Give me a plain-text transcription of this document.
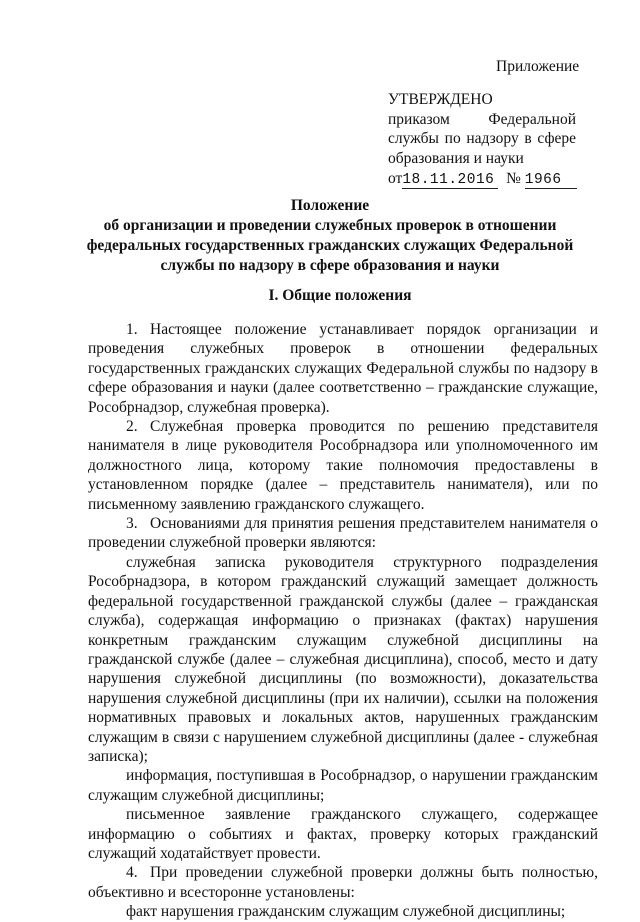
Приложение
УТВЕРЖДЕНО
приказом Федеральной
службы по надзору в сфере
образования и науки
от18.11.2016 № 1966
Положение
об организации и проведении служебных проверок в отношении
федеральных государственных гражданских служащих Федеральной
службы по надзору в сфере образования и науки
I. Общие положения

1. Настоящее положение устанавливает порядок организации и проведения служебных проверок в отношении федеральных государственных гражданских служащих Федеральной службы по надзору в сфере образования и науки (далее соответственно – гражданские служащие, Рособрнадзор, служебная проверка).

2. Служебная проверка проводится по решению представителя нанимателя в лице руководителя Рособрнадзора или уполномоченного им должностного лица, которому такие полномочия предоставлены в установленном порядке (далее – представитель нанимателя), или по письменному заявлению гражданского служащего.

3. Основаниями для принятия решения представителем нанимателя о проведении служебной проверки являются:

служебная записка руководителя структурного подразделения Рособрнадзора, в котором гражданский служащий замещает должность федеральной государственной гражданской службы (далее – гражданская служба), содержащая информацию о признаках (фактах) нарушения конкретным гражданским служащим служебной дисциплины на гражданской службе (далее – служебная дисциплина), способ, место и дату нарушения служебной дисциплины (по возможности), доказательства нарушения служебной дисциплины (при их наличии), ссылки на положения нормативных правовых и локальных актов, нарушенных гражданским служащим в связи с нарушением служебной дисциплины (далее - служебная записка);

информация, поступившая в Рособрнадзор, о нарушении гражданским служащим служебной дисциплины;

письменное заявление гражданского служащего, содержащее информацию о событиях и фактах, проверку которых гражданский служащий ходатайствует провести.

4. При проведении служебной проверки должны быть полностью, объективно и всесторонне установлены:

факт нарушения гражданским служащим служебной дисциплины;
